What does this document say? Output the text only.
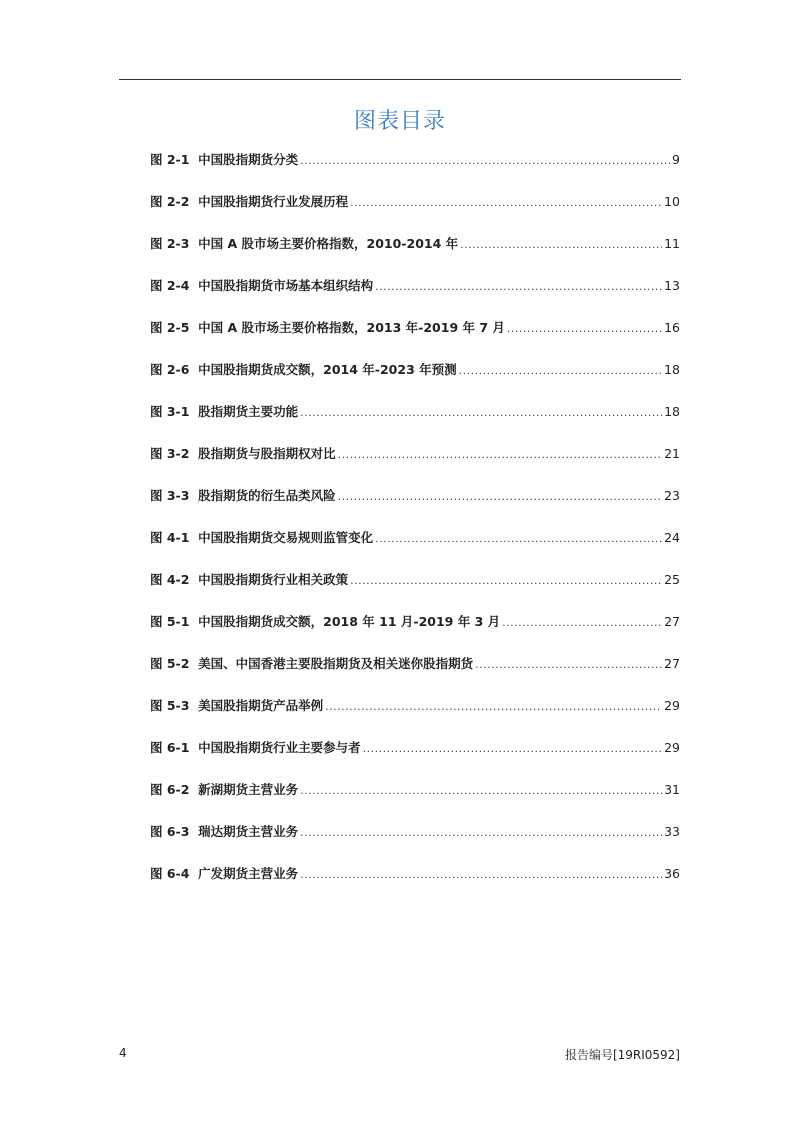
图表目录
图 2-1 中国股指期货分类 .....	9
图 2-2 中国股指期货行业发展历程 .....	10
图 2-3 中国 A 股市场主要价格指数，2010-2014 年 .....	11
图 2-4 中国股指期货市场基本组织结构 .....	13
图 2-5 中国 A 股市场主要价格指数，2013 年-2019 年 7 月 .....	16
图 2-6 中国股指期货成交额，2014 年-2023 年预测 .....	18
图 3-1 股指期货主要功能 .....	18
图 3-2 股指期货与股指期权对比 .....	21
图 3-3 股指期货的衍生品类风险 .....	23
图 4-1 中国股指期货交易规则监管变化 .....	24
图 4-2 中国股指期货行业相关政策 .....	25
图 5-1 中国股指期货成交额，2018 年 11 月-2019 年 3 月 .....	27
图 5-2 美国、中国香港主要股指期货及相关迷你股指期货 .....	27
图 5-3 美国股指期货产品举例 .....	29
图 6-1 中国股指期货行业主要参与者 .....	29
图 6-2 新湖期货主营业务 .....	31
图 6-3 瑞达期货主营业务 .....	33
图 6-4 广发期货主营业务 .....	36
4	报告编号[19RI0592]
